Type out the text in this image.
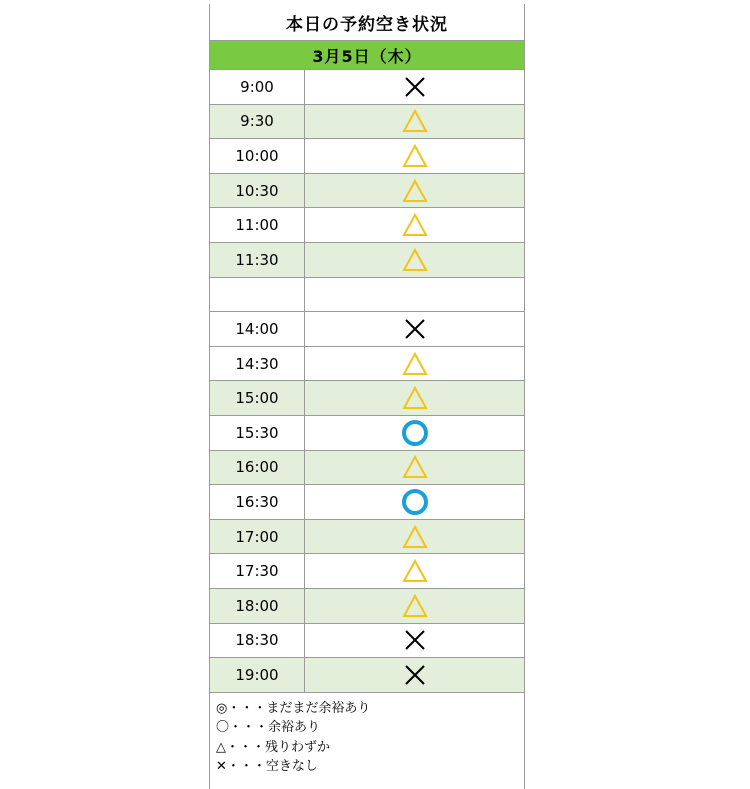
本日の予約空き状況
3月5日（木）
9:00
9:30
10:00
10:30
11:00
11:30
14:00
14:30
15:00
15:30
16:00
16:30
17:00
17:30
18:00
18:30
19:00
◎・・・まだまだ余裕あり
〇・・・余裕あり
△・・・残りわずか
✕・・・空きなし
